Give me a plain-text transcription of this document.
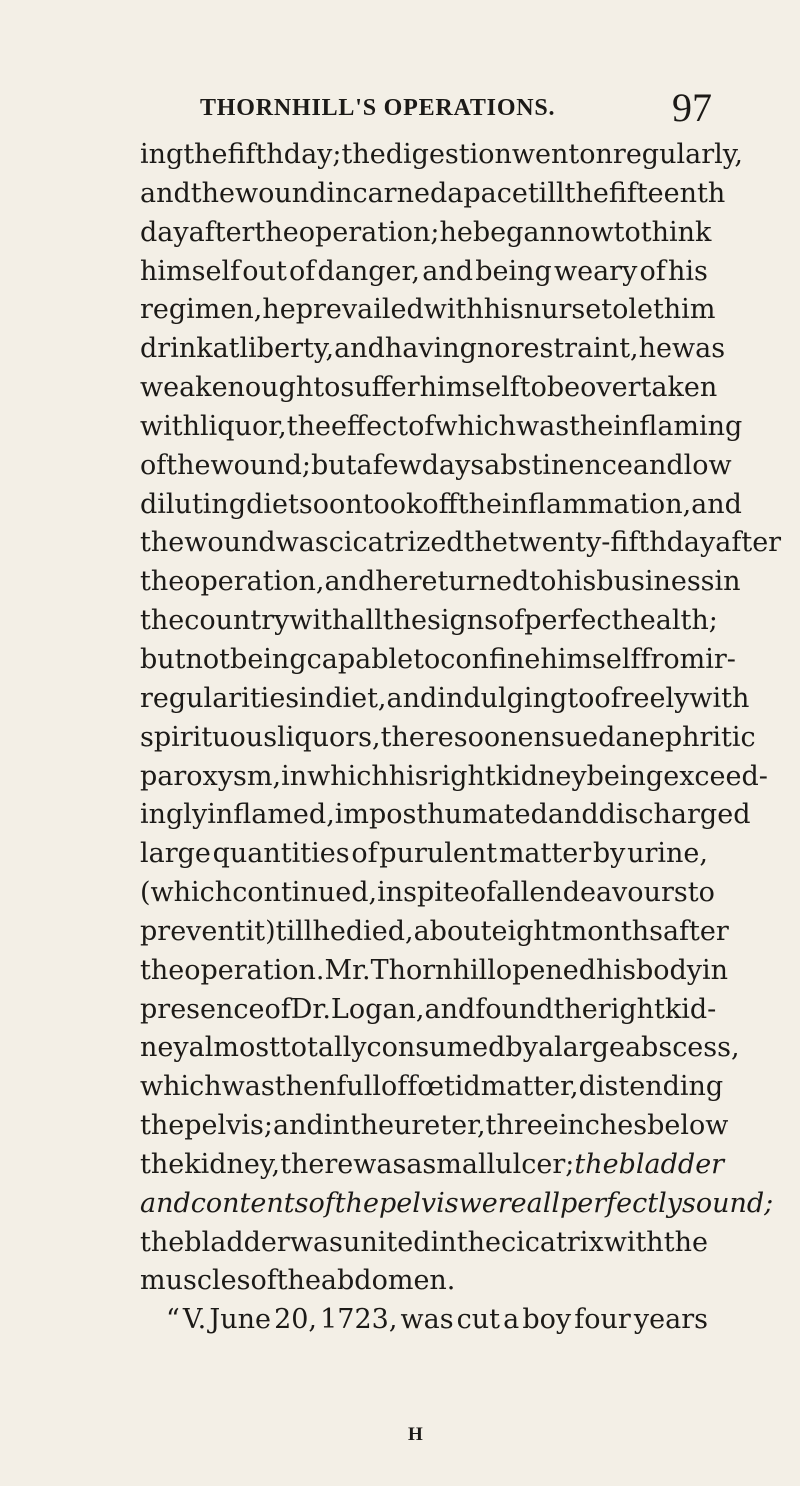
THORNHILL'S OPERATIONS.	97
ing the fifth day ; the digestion went on regularly,
and the wound incarned apace till the fifteenth
day after the operation ; he began now to think
himself out of danger, and being weary of his
regimen, he prevailed with his nurse to let him
drink at liberty, and having no restraint, he was
weak enough to suffer himself to be overtaken
with liquor, the effect of which was the inflaming
of the wound ; but a few days abstinence and low
diluting diet soon took off the inflammation, and
the wound was cicatrized the twenty-fifth day after
the operation, and he returned to his business in
the country with all the signs of perfect health ;
but not being capable to confine himself from ir-
regularities in diet, and indulging too freely with
spirituous liquors, there soon ensued a nephritic
paroxysm, in which his right kidney being exceed-
ingly inflamed, imposthumated and discharged
large quantities of purulent matter by urine,
(which continued, in spite of all endeavours to
prevent it) till he died, about eight months after
the operation. Mr. Thornhill opened his body in
presence of Dr. Logan, and found the right kid-
ney almost totally consumed by a large abscess,
which was then full of fœtid matter, distending
the pelvis ; and in the ureter, three inches below
the kidney, there was a small ulcer ; the bladder
and contents of the pelvis were all perfectly sound ;
the bladder was united in the cicatrix with the
muscles of the abdomen.
“ V. June 20, 1723, was cut a boy four years
H
